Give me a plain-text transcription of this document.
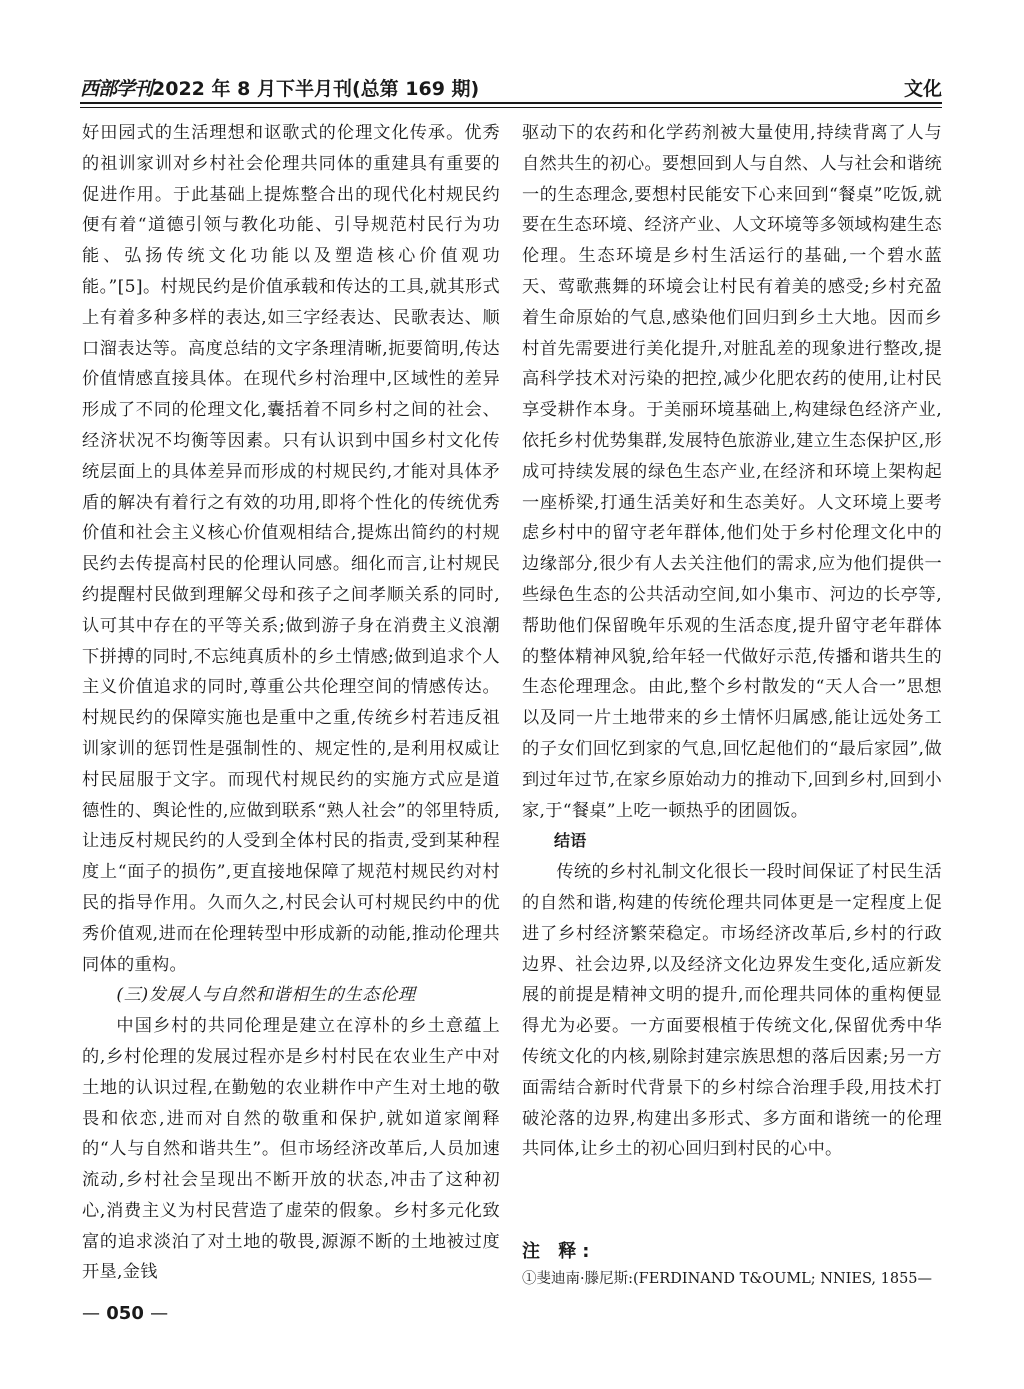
西部学刊2022 年 8 月下半月刊(总第 169 期)	文化

好田园式的生活理想和讴歌式的伦理文化传承。优秀的祖训家训对乡村社会伦理共同体的重建具有重要的促进作用。于此基础上提炼整合出的现代化村规民约便有着“道德引领与教化功能、引导规范村民行为功能、弘扬传统文化功能以及塑造核心价值观功能。”[5]。村规民约是价值承载和传达的工具,就其形式上有着多种多样的表达,如三字经表达、民歌表达、顺口溜表达等。高度总结的文字条理清晰,扼要简明,传达价值情感直接具体。在现代乡村治理中,区域性的差异形成了不同的伦理文化,囊括着不同乡村之间的社会、经济状况不均衡等因素。只有认识到中国乡村文化传统层面上的具体差异而形成的村规民约,才能对具体矛盾的解决有着行之有效的功用,即将个性化的传统优秀价值和社会主义核心价值观相结合,提炼出简约的村规民约去传提高村民的伦理认同感。细化而言,让村规民约提醒村民做到理解父母和孩子之间孝顺关系的同时,认可其中存在的平等关系;做到游子身在消费主义浪潮下拼搏的同时,不忘纯真质朴的乡土情感;做到追求个人主义价值追求的同时,尊重公共伦理空间的情感传达。村规民约的保障实施也是重中之重,传统乡村若违反祖训家训的惩罚性是强制性的、规定性的,是利用权威让村民屈服于文字。而现代村规民约的实施方式应是道德性的、舆论性的,应做到联系“熟人社会”的邻里特质,让违反村规民约的人受到全体村民的指责,受到某种程度上“面子的损伤”,更直接地保障了规范村规民约对村民的指导作用。久而久之,村民会认可村规民约中的优秀价值观,进而在伦理转型中形成新的动能,推动伦理共同体的重构。

(三)发展人与自然和谐相生的生态伦理

中国乡村的共同伦理是建立在淳朴的乡土意蕴上的,乡村伦理的发展过程亦是乡村村民在农业生产中对土地的认识过程,在勤勉的农业耕作中产生对土地的敬畏和依恋,进而对自然的敬重和保护,就如道家阐释的“人与自然和谐共生”。但市场经济改革后,人员加速流动,乡村社会呈现出不断开放的状态,冲击了这种初心,消费主义为村民营造了虚荣的假象。乡村多元化致富的追求淡泊了对土地的敬畏,源源不断的土地被过度开垦,金钱

驱动下的农药和化学药剂被大量使用,持续背离了人与自然共生的初心。要想回到人与自然、人与社会和谐统一的生态理念,要想村民能安下心来回到“餐桌”吃饭,就要在生态环境、经济产业、人文环境等多领域构建生态伦理。生态环境是乡村生活运行的基础,一个碧水蓝天、莺歌燕舞的环境会让村民有着美的感受;乡村充盈着生命原始的气息,感染他们回归到乡土大地。因而乡村首先需要进行美化提升,对脏乱差的现象进行整改,提高科学技术对污染的把控,减少化肥农药的使用,让村民享受耕作本身。于美丽环境基础上,构建绿色经济产业,依托乡村优势集群,发展特色旅游业,建立生态保护区,形成可持续发展的绿色生态产业,在经济和环境上架构起一座桥梁,打通生活美好和生态美好。人文环境上要考虑乡村中的留守老年群体,他们处于乡村伦理文化中的边缘部分,很少有人去关注他们的需求,应为他们提供一些绿色生态的公共活动空间,如小集市、河边的长亭等,帮助他们保留晚年乐观的生活态度,提升留守老年群体的整体精神风貌,给年轻一代做好示范,传播和谐共生的生态伦理理念。由此,整个乡村散发的“天人合一”思想以及同一片土地带来的乡土情怀归属感,能让远处务工的子女们回忆到家的气息,回忆起他们的“最后家园”,做到过年过节,在家乡原始动力的推动下,回到乡村,回到小家,于“餐桌”上吃一顿热乎的团圆饭。

结语

传统的乡村礼制文化很长一段时间保证了村民生活的自然和谐,构建的传统伦理共同体更是一定程度上促进了乡村经济繁荣稳定。市场经济改革后,乡村的行政边界、社会边界,以及经济文化边界发生变化,适应新发展的前提是精神文明的提升,而伦理共同体的重构便显得尤为必要。一方面要根植于传统文化,保留优秀中华传统文化的内核,剔除封建宗族思想的落后因素;另一方面需结合新时代背景下的乡村综合治理手段,用技术打破沦落的边界,构建出多形式、多方面和谐统一的伦理共同体,让乡土的初心回归到村民的心中。

注 释:
①斐迪南·滕尼斯:(FERDINAND T&OUML; NNIES, 1855—
— 050 —
